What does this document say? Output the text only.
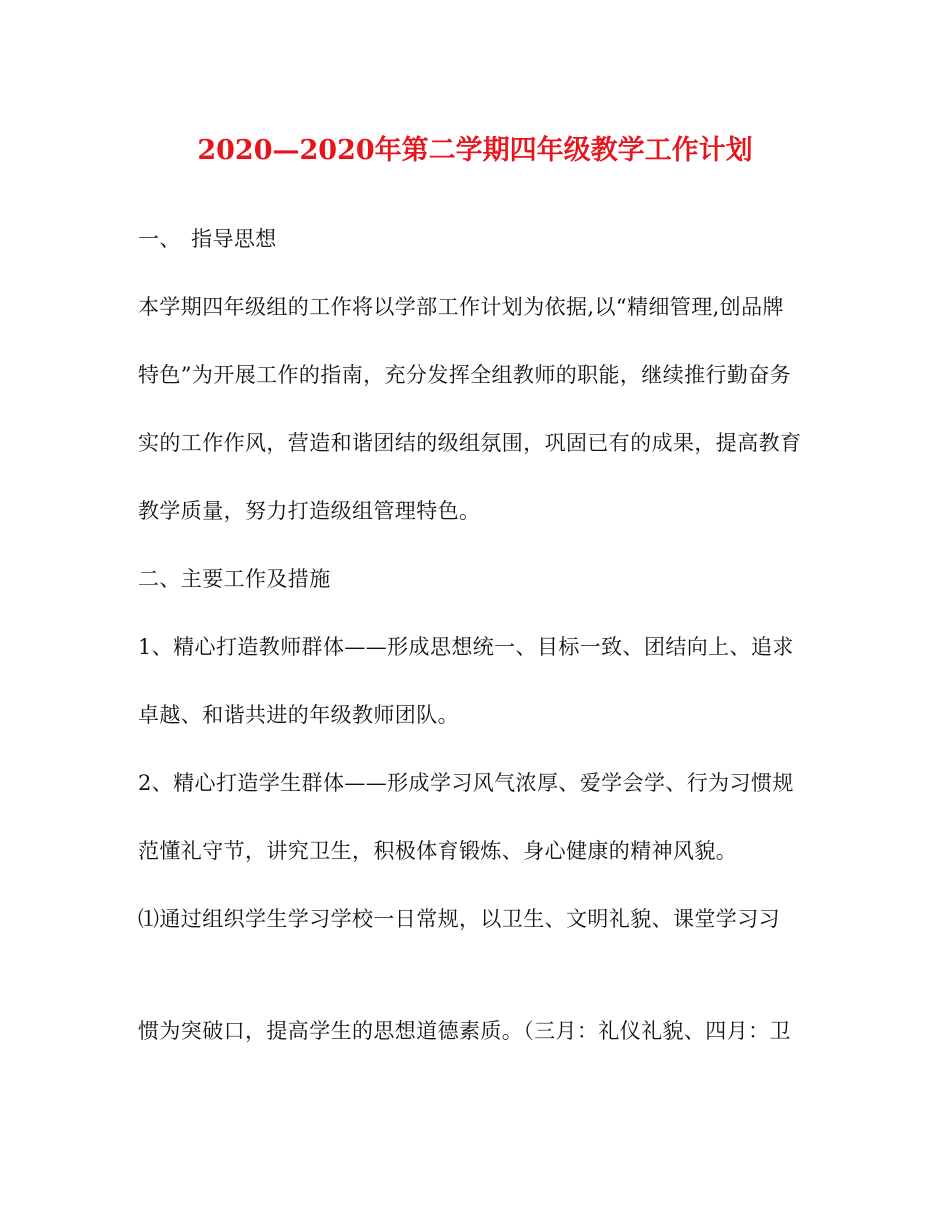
2020—2020年第二学期四年级教学工作计划
一、 指导思想
本学期四年级组的工作将以学部工作计划为依据,以“精细管理,创品牌
特色”为开展工作的指南，充分发挥全组教师的职能，继续推行勤奋务
实的工作作风，营造和谐团结的级组氛围，巩固已有的成果，提高教育
教学质量，努力打造级组管理特色。
二、主要工作及措施
1、精心打造教师群体——形成思想统一、目标一致、团结向上、追求
卓越、和谐共进的年级教师团队。
2、精心打造学生群体——形成学习风气浓厚、爱学会学、行为习惯规
范懂礼守节，讲究卫生，积极体育锻炼、身心健康的精神风貌。
⑴通过组织学生学习学校一日常规，以卫生、文明礼貌、课堂学习习
惯为突破口，提高学生的思想道德素质。（三月：礼仪礼貌、四月：卫
